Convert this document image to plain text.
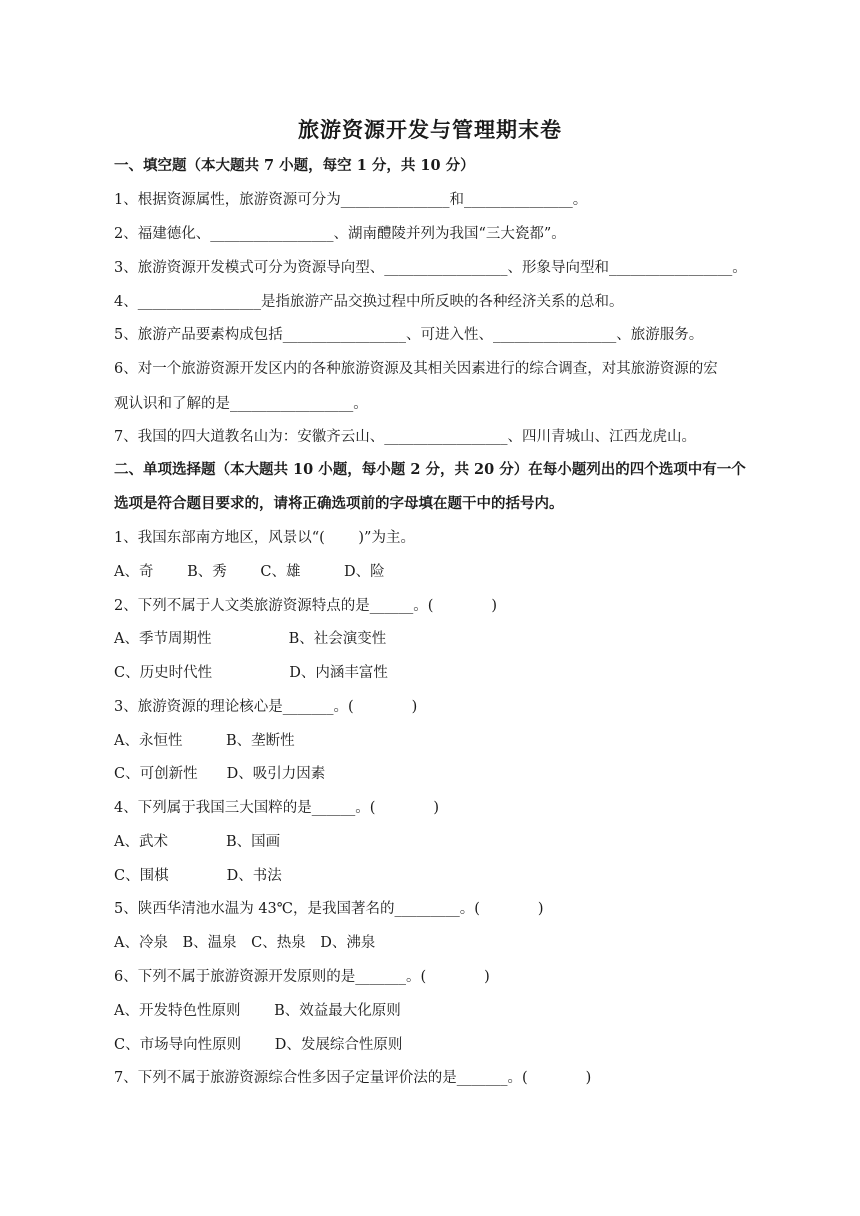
旅游资源开发与管理期末卷
一、填空题（本大题共 7 小题，每空 1 分，共 10 分）
1、根据资源属性，旅游资源可分为_______________和_______________。
2、福建德化、_________________、湖南醴陵并列为我国“三大瓷都”。
3、旅游资源开发模式可分为资源导向型、_________________、形象导向型和_________________。
4、_________________是指旅游产品交换过程中所反映的各种经济关系的总和。
5、旅游产品要素构成包括_________________、可进入性、_________________、旅游服务。
6、对一个旅游资源开发区内的各种旅游资源及其相关因素进行的综合调查，对其旅游资源的宏
观认识和了解的是_________________。
7、我国的四大道教名山为：安徽齐云山、_________________、四川青城山、江西龙虎山。
二、单项选择题（本大题共 10 小题，每小题 2 分，共 20 分）在每小题列出的四个选项中有一个
选项是符合题目要求的，请将正确选项前的字母填在题干中的括号内。
1、我国东部南方地区，风景以“(　　 )”为主。
A、奇　　 B、秀　　 C、雄　　　D、险
2、下列不属于人文类旅游资源特点的是______。(　　　　)
A、季节周期性　　　　　 B、社会演变性
C、历史时代性　　　　　 D、内涵丰富性
3、旅游资源的理论核心是_______。(　　　　)
A、永恒性　　　B、垄断性
C、可创新性　　D、吸引力因素
4、下列属于我国三大国粹的是______。(　　　　)
A、武术　　　　B、国画
C、围棋　　　　D、书法
5、陕西华清池水温为 43℃，是我国著名的_________。(　　　　)
A、冷泉　B、温泉　C、热泉　D、沸泉
6、下列不属于旅游资源开发原则的是_______。(　　　　)
A、开发特色性原则　　 B、效益最大化原则
C、市场导向性原则　　 D、发展综合性原则
7、下列不属于旅游资源综合性多因子定量评价法的是_______。(　　　　)
